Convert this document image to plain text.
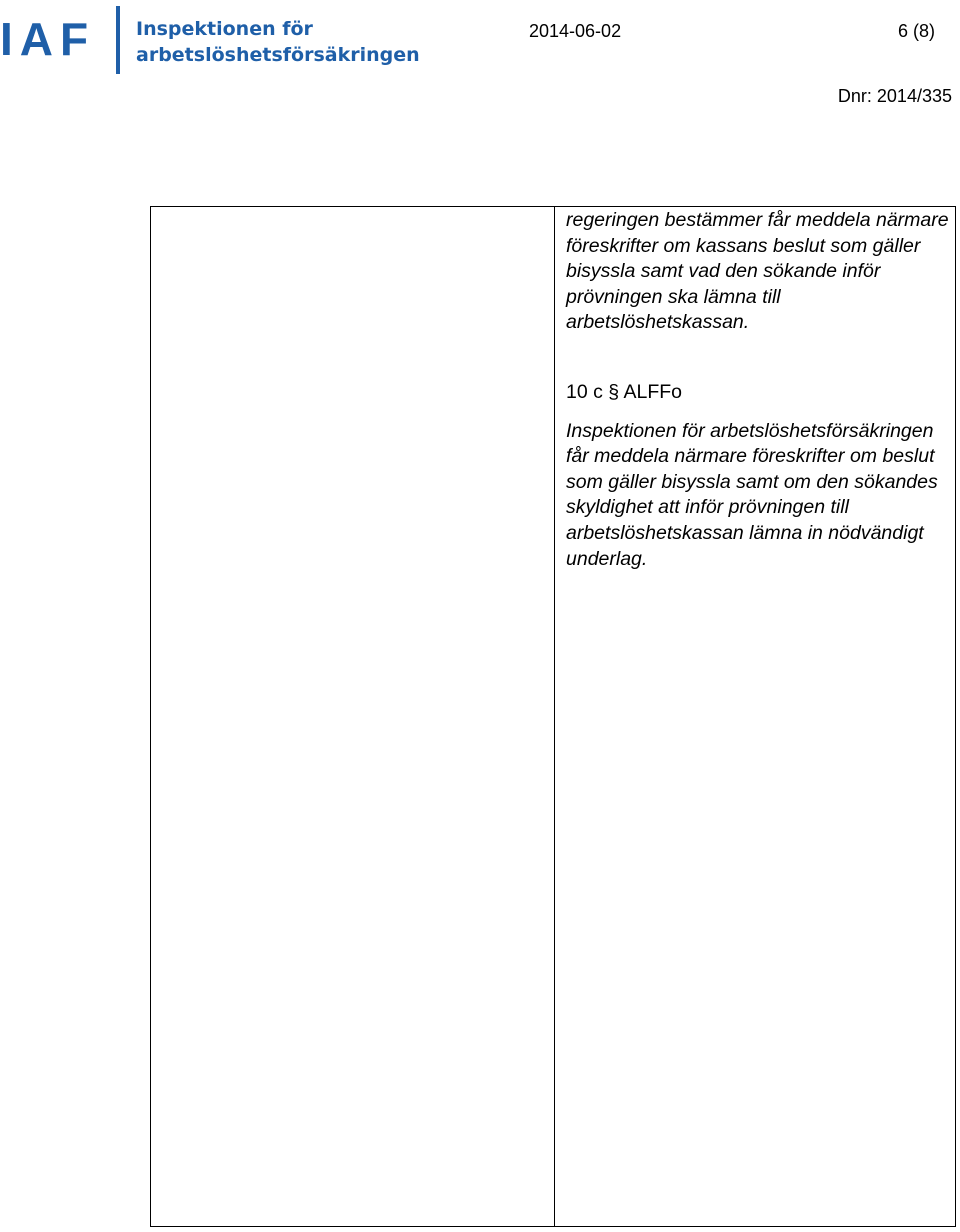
IAF Inspektionen för
arbetslöshetsförsäkringen
2014-06-02	6 (8)
Dnr: 2014/335

regeringen bestämmer får meddela närmare föreskrifter om kassans beslut som gäller bisyssla samt vad den sökande inför prövningen ska lämna till arbetslöshetskassan.

10 c § ALFFo

Inspektionen för arbetslöshetsförsäkringen får meddela närmare föreskrifter om beslut som gäller bisyssla samt om den sökandes skyldighet att inför prövningen till arbetslöshetskassan lämna in nödvändigt underlag.
